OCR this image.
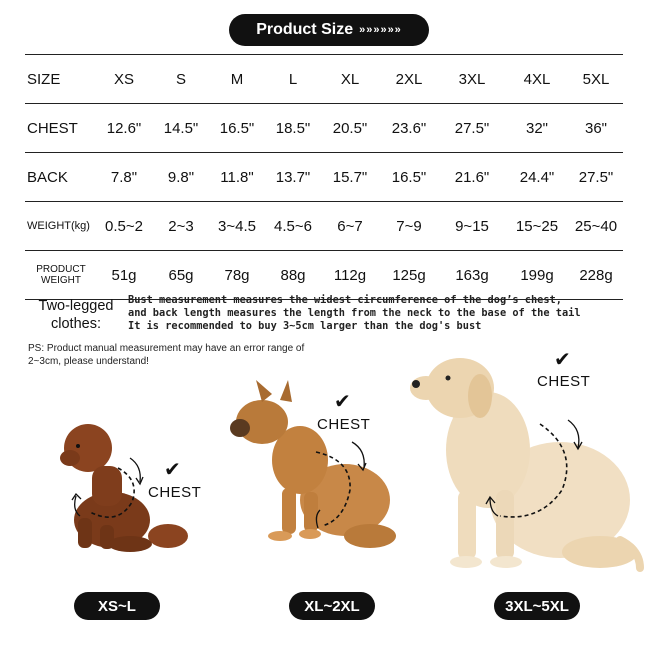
Product Size »»»»»»
SIZE	XS	S	M	L	XL	2XL	3XL	4XL	5XL
CHEST	12.6"	14.5"	16.5"	18.5"	20.5"	23.6"	27.5"	32"	36"
BACK	7.8"	9.8"	11.8"	13.7"	15.7"	16.5"	21.6"	24.4"	27.5"
WEIGHT(kg)	0.5~2	2~3	3~4.5	4.5~6	6~7	7~9	9~15	15~25	25~40
PRODUCT WEIGHT	51g	65g	78g	88g	112g	125g	163g	199g	228g
Two-legged clothes:
Bust measurement measures the widest circumference of the dog’s chest,
and back length measures the length from the neck to the base of the tail
It is recommended to buy 3~5cm larger than the dog's bust
PS: Product manual measurement may have an error range of 2~3cm, please understand!
✔
CHEST
✔
CHEST
✔
CHEST
XS~L	XL~2XL	3XL~5XL
